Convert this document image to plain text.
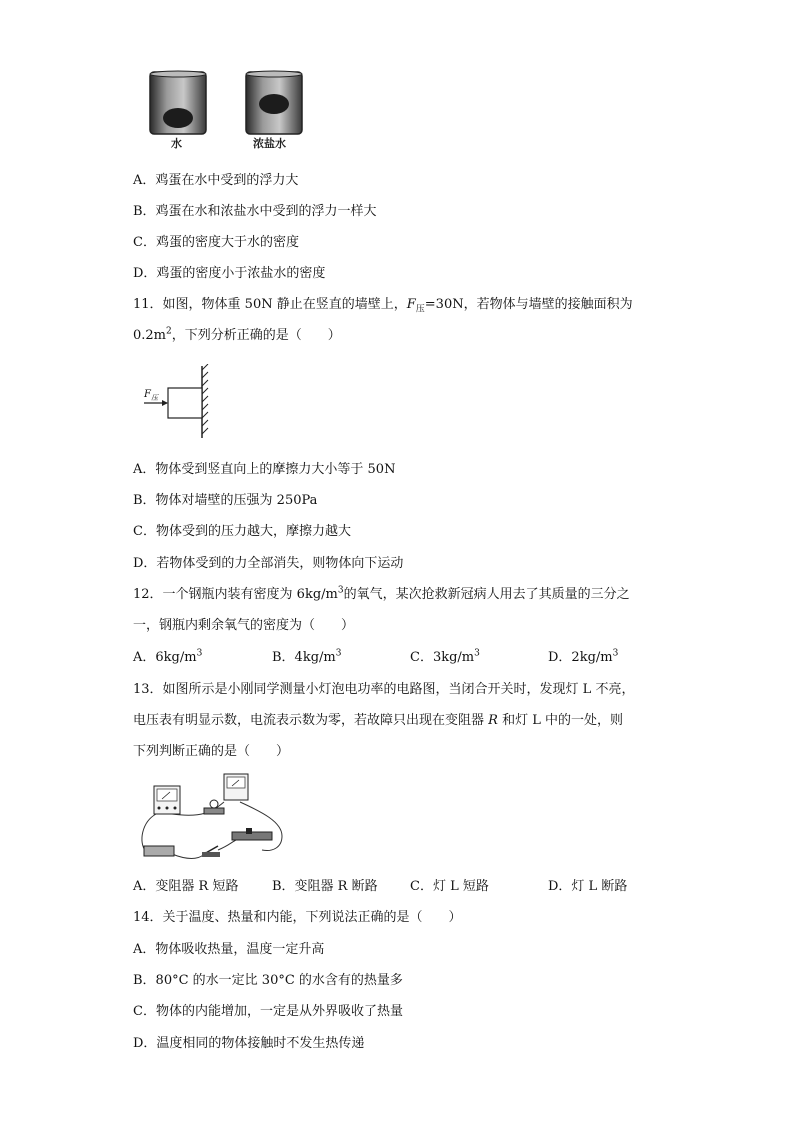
水	浓盐水
A．鸡蛋在水中受到的浮力大
B．鸡蛋在水和浓盐水中受到的浮力一样大
C．鸡蛋的密度大于水的密度
D．鸡蛋的密度小于浓盐水的密度
11．如图，物体重 50N 静止在竖直的墙壁上，$F_压=30N$，若物体与墙壁的接触面积为
$0.2m^2$，下列分析正确的是（　　）
$F_压$
A．物体受到竖直向上的摩擦力大小等于 50N
B．物体对墙壁的压强为 250Pa
C．物体受到的压力越大，摩擦力越大
D．若物体受到的力全部消失，则物体向下运动
12．一个钢瓶内装有密度为 $6kg/m^3$的氧气，某次抢救新冠病人用去了其质量的三分之
一，钢瓶内剩余氧气的密度为（　　）
A．$6kg/m^3$	B．$4kg/m^3$	C．$3kg/m^3$	D．$2kg/m^3$
13．如图所示是小刚同学测量小灯泡电功率的电路图，当闭合开关时，发现灯 L 不亮，
电压表有明显示数，电流表示数为零，若故障只出现在变阻器 R 和灯 L 中的一处，则
下列判断正确的是（　　）
A．变阻器 R 短路	B．变阻器 R 断路 C．灯 L 短路	D．灯 L 断路
14．关于温度、热量和内能，下列说法正确的是（　　）
A．物体吸收热量，温度一定升高
B．80°C 的水一定比 30°C 的水含有的热量多
C．物体的内能增加，一定是从外界吸收了热量
D．温度相同的物体接触时不发生热传递
